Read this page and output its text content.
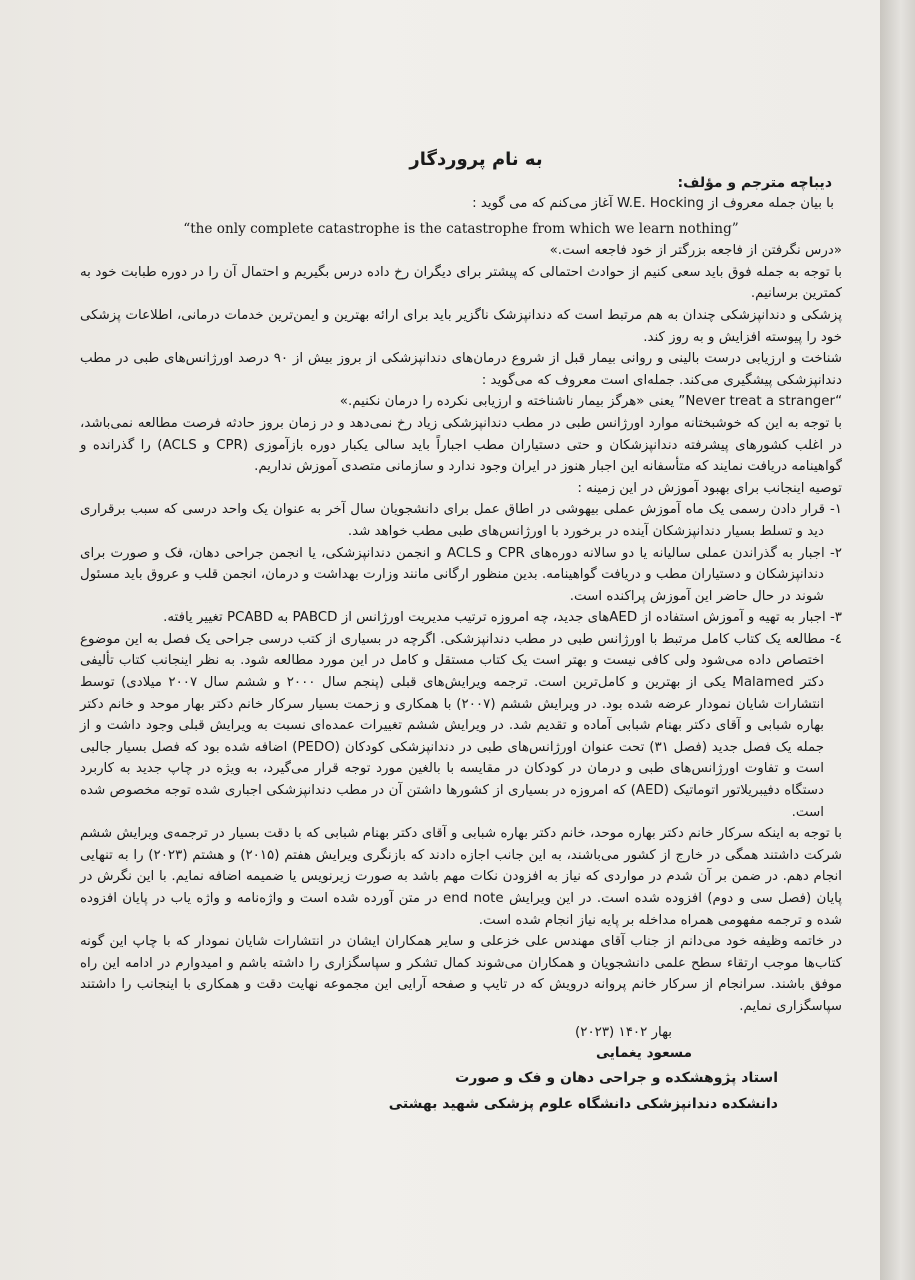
به نام پروردگار

دیباچه مترجم و مؤلف:

با بیان جمله معروف از W.E. Hocking آغاز می‌کنم که می گوید :

“the only complete catastrophe is the catastrophe from which we learn nothing”

«درس نگرفتن از فاجعه بزرگتر از خود فاجعه است.»

با توجه به جمله فوق باید سعی کنیم از حوادث احتمالی که پیشتر برای دیگران رخ داده درس بگیریم و احتمال آن را در دوره طبابت خود به کمترین برسانیم.

پزشکی و دندانپزشکی چندان به هم مرتبط است که دندانپزشک ناگزیر باید برای ارائه بهترین و ایمن‌ترین خدمات درمانی، اطلاعات پزشکی خود را پیوسته افزایش و به روز کند.

شناخت و ارزیابی درست بالینی و روانی بیمار قبل از شروع درمان‌های دندانپزشکی از بروز بیش از ۹۰ درصد اورژانس‌های طبی در مطب دندانپزشکی پیشگیری می‌کند. جمله‌ای است معروف که می‌گوید :

“Never treat a stranger” یعنی «هرگز بیمار ناشناخته و ارزیابی نکرده را درمان نکنیم.»

با توجه به این که خوشبختانه موارد اورژانس طبی در مطب دندانپزشکی زیاد رخ نمی‌دهد و در زمان بروز حادثه فرصت مطالعه نمی‌باشد، در اغلب کشورهای پیشرفته دندانپزشکان و حتی دستیاران مطب اجباراً باید سالی یکبار دوره بازآموزی (CPR و ACLS) را گذرانده و گواهینامه دریافت نمایند که متأسفانه این اجبار هنوز در ایران وجود ندارد و سازمانی متصدی آموزش نداریم.

توصیه اینجانب برای بهبود آموزش در این زمینه :

۱- قرار دادن رسمی یک ماه آموزش عملی بیهوشی در اطاق عمل برای دانشجویان سال آخر به عنوان یک واحد درسی که سبب برقراری دید و تسلط بسیار دندانپزشکان آینده در برخورد با اورژانس‌های طبی مطب خواهد شد.

۲- اجبار به گذراندن عملی سالیانه یا دو سالانه دوره‌های CPR و ACLS و انجمن دندانپزشکی، یا انجمن جراحی دهان، فک و صورت برای دندانپزشکان و دستیاران مطب و دریافت گواهینامه. بدین منظور ارگانی مانند وزارت بهداشت و درمان، انجمن قلب و عروق باید مسئول شوند در حال حاضر این آموزش پراکنده است.

۳- اجبار به تهیه و آموزش استفاده از AEDهای جدید، چه امروزه ترتیب مدیریت اورژانس از PABCD به PCABD تغییر یافته.

٤- مطالعه یک کتاب کامل مرتبط با اورژانس طبی در مطب دندانپزشکی. اگرچه در بسیاری از کتب درسی جراحی یک فصل به این موضوع اختصاص داده می‌شود ولی کافی نیست و بهتر است یک کتاب مستقل و کامل در این مورد مطالعه شود. به نظر اینجانب کتاب تألیفی دکتر Malamed یکی از بهترین و کامل‌ترین است. ترجمه ویرایش‌های قبلی (پنجم سال ۲۰۰۰ و ششم سال ۲۰۰۷ میلادی) توسط انتشارات شایان نمودار عرضه شده بود. در ویرایش ششم (۲۰۰۷) با همکاری و زحمت بسیار سرکار خانم دکتر بهار موحد و خانم دکتر بهاره شبابی و آقای دکتر بهنام شبابی آماده و تقدیم شد. در ویرایش ششم تغییرات عمده‌ای نسبت به ویرایش قبلی وجود داشت و از جمله یک فصل جدید (فصل ۳۱) تحت عنوان اورژانس‌های طبی در دندانپزشکی کودکان (PEDO) اضافه شده بود که فصل بسیار جالبی است و تفاوت اورژانس‌های طبی و درمان در کودکان در مقایسه با بالغین مورد توجه قرار می‌گیرد، به ویژه در چاپ جدید به کاربرد دستگاه دفیبریلاتور اتوماتیک (AED) که امروزه در بسیاری از کشورها داشتن آن در مطب دندانپزشکی اجباری شده توجه مخصوص شده است.

با توجه به اینکه سرکار خانم دکتر بهاره موحد، خانم دکتر بهاره شبابی و آقای دکتر بهنام شبابی که با دقت بسیار در ترجمه‌ی ویرایش ششم شرکت داشتند همگی در خارج از کشور می‌باشند، به این جانب اجازه دادند که بازنگری ویرایش هفتم (۲۰۱۵) و هشتم (۲۰۲۳) را به تنهایی انجام دهم. در ضمن بر آن شدم در مواردی که نیاز به افزودن نکات مهم باشد به صورت زیرنویس یا ضمیمه اضافه نمایم. با این نگرش در پایان (فصل سی و دوم) افزوده شده است. در این ویرایش end note در متن آورده شده است و واژه‌نامه و واژه یاب در پایان افزوده شده و ترجمه مفهومی همراه مداخله بر پایه نیاز انجام شده است.

در خاتمه وظیفه خود می‌دانم از جناب آقای مهندس علی خزعلی و سایر همکاران ایشان در انتشارات شایان نمودار که با چاپ این گونه کتاب‌ها موجب ارتقاء سطح علمی دانشجویان و همکاران می‌شوند کمال تشکر و سپاسگزاری را داشته باشم و امیدوارم در ادامه این راه موفق باشند. سرانجام از سرکار خانم پروانه درویش که در تایپ و صفحه آرایی این مجموعه نهایت دقت و همکاری با اینجانب را داشتند سپاسگزاری نمایم.

بهار ۱۴۰۲ (۲۰۲۳)
مسعود یغمایی
استاد پژوهشکده و جراحی دهان و فک و صورت
دانشکده دندانپزشکی دانشگاه علوم پزشکی شهید بهشتی
